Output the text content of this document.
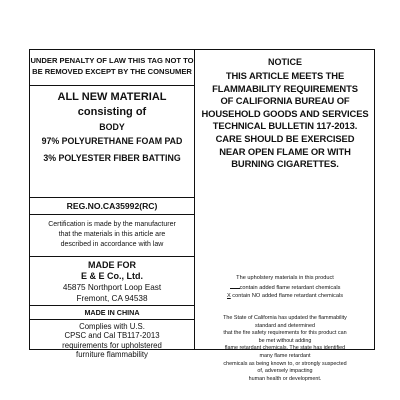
UNDER PENALTY OF LAW THIS TAG NOT TO
BE REMOVED EXCEPT BY THE CONSUMER
ALL NEW MATERIAL
consisting of
BODY
97% POLYURETHANE FOAM PAD
3% POLYESTER FIBER BATTING
REG.NO.CA35992(RC)
Certification is made by the manufacturer
that the materials in this article are
described in accordance with law
MADE FOR
E & E Co., Ltd.
45875 Northport Loop East
Fremont, CA 94538
MADE IN CHINA
Complies with U.S.
CPSC and Cal TB117-2013
requirements for upholstered
furniture flammability
NOTICE
THIS ARTICLE MEETS THE
FLAMMABILITY REQUIREMENTS
OF CALIFORNIA BUREAU OF
HOUSEHOLD GOODS AND SERVICES
TECHNICAL BULLETIN 117-2013.
CARE SHOULD BE EXERCISED
NEAR OPEN FLAME OR WITH
BURNING CIGARETTES.
The upholstery materials in this product
contain added flame retardant chemicals
X contain NO added flame retardant chemicals
The State of California has updated the flammability
standard and determined
that the fire safety requirements for this product can
be met without adding
flame retardant chemicals. The state has identified
many flame retardant
chemicals as being known to, or strongly suspected
of, adversely impacting
human health or development.
